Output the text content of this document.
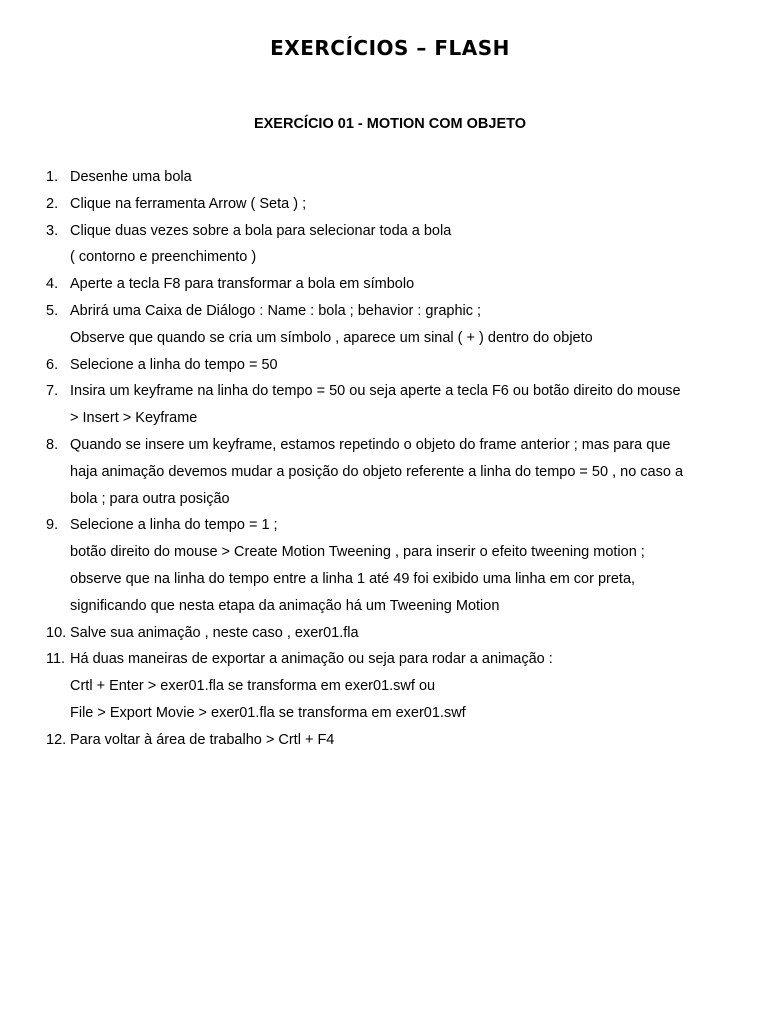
EXERCÍCIOS – FLASH
EXERCÍCIO 01 - MOTION COM OBJETO
1. Desenhe uma bola
2. Clique na ferramenta Arrow ( Seta ) ;
3. Clique duas vezes sobre a bola para selecionar toda a bola
( contorno e preenchimento )
4. Aperte a tecla F8 para transformar a bola em símbolo
5. Abrirá uma Caixa de Diálogo : Name : bola ; behavior : graphic ;
Observe que quando se cria um símbolo , aparece um sinal ( + ) dentro do objeto
6. Selecione a linha do tempo = 50
7. Insira um keyframe na linha do tempo = 50 ou seja aperte a tecla F6 ou botão direito do mouse
> Insert > Keyframe
8. Quando se insere um keyframe, estamos repetindo o objeto do frame anterior ; mas para que
haja animação devemos mudar a posição do objeto referente a linha do tempo = 50 , no caso a
bola ; para outra posição
9. Selecione a linha do tempo = 1 ;
botão direito do mouse > Create Motion Tweening , para inserir o efeito tweening motion ;
observe que na linha do tempo entre a linha 1 até 49 foi exibido uma linha em cor preta,
significando que nesta etapa da animação há um Tweening Motion
10. Salve sua animação , neste caso , exer01.fla
11. Há duas maneiras de exportar a animação ou seja para rodar a animação :
Crtl + Enter > exer01.fla se transforma em exer01.swf ou
File > Export Movie > exer01.fla se transforma em exer01.swf
12. Para voltar à área de trabalho > Crtl + F4
